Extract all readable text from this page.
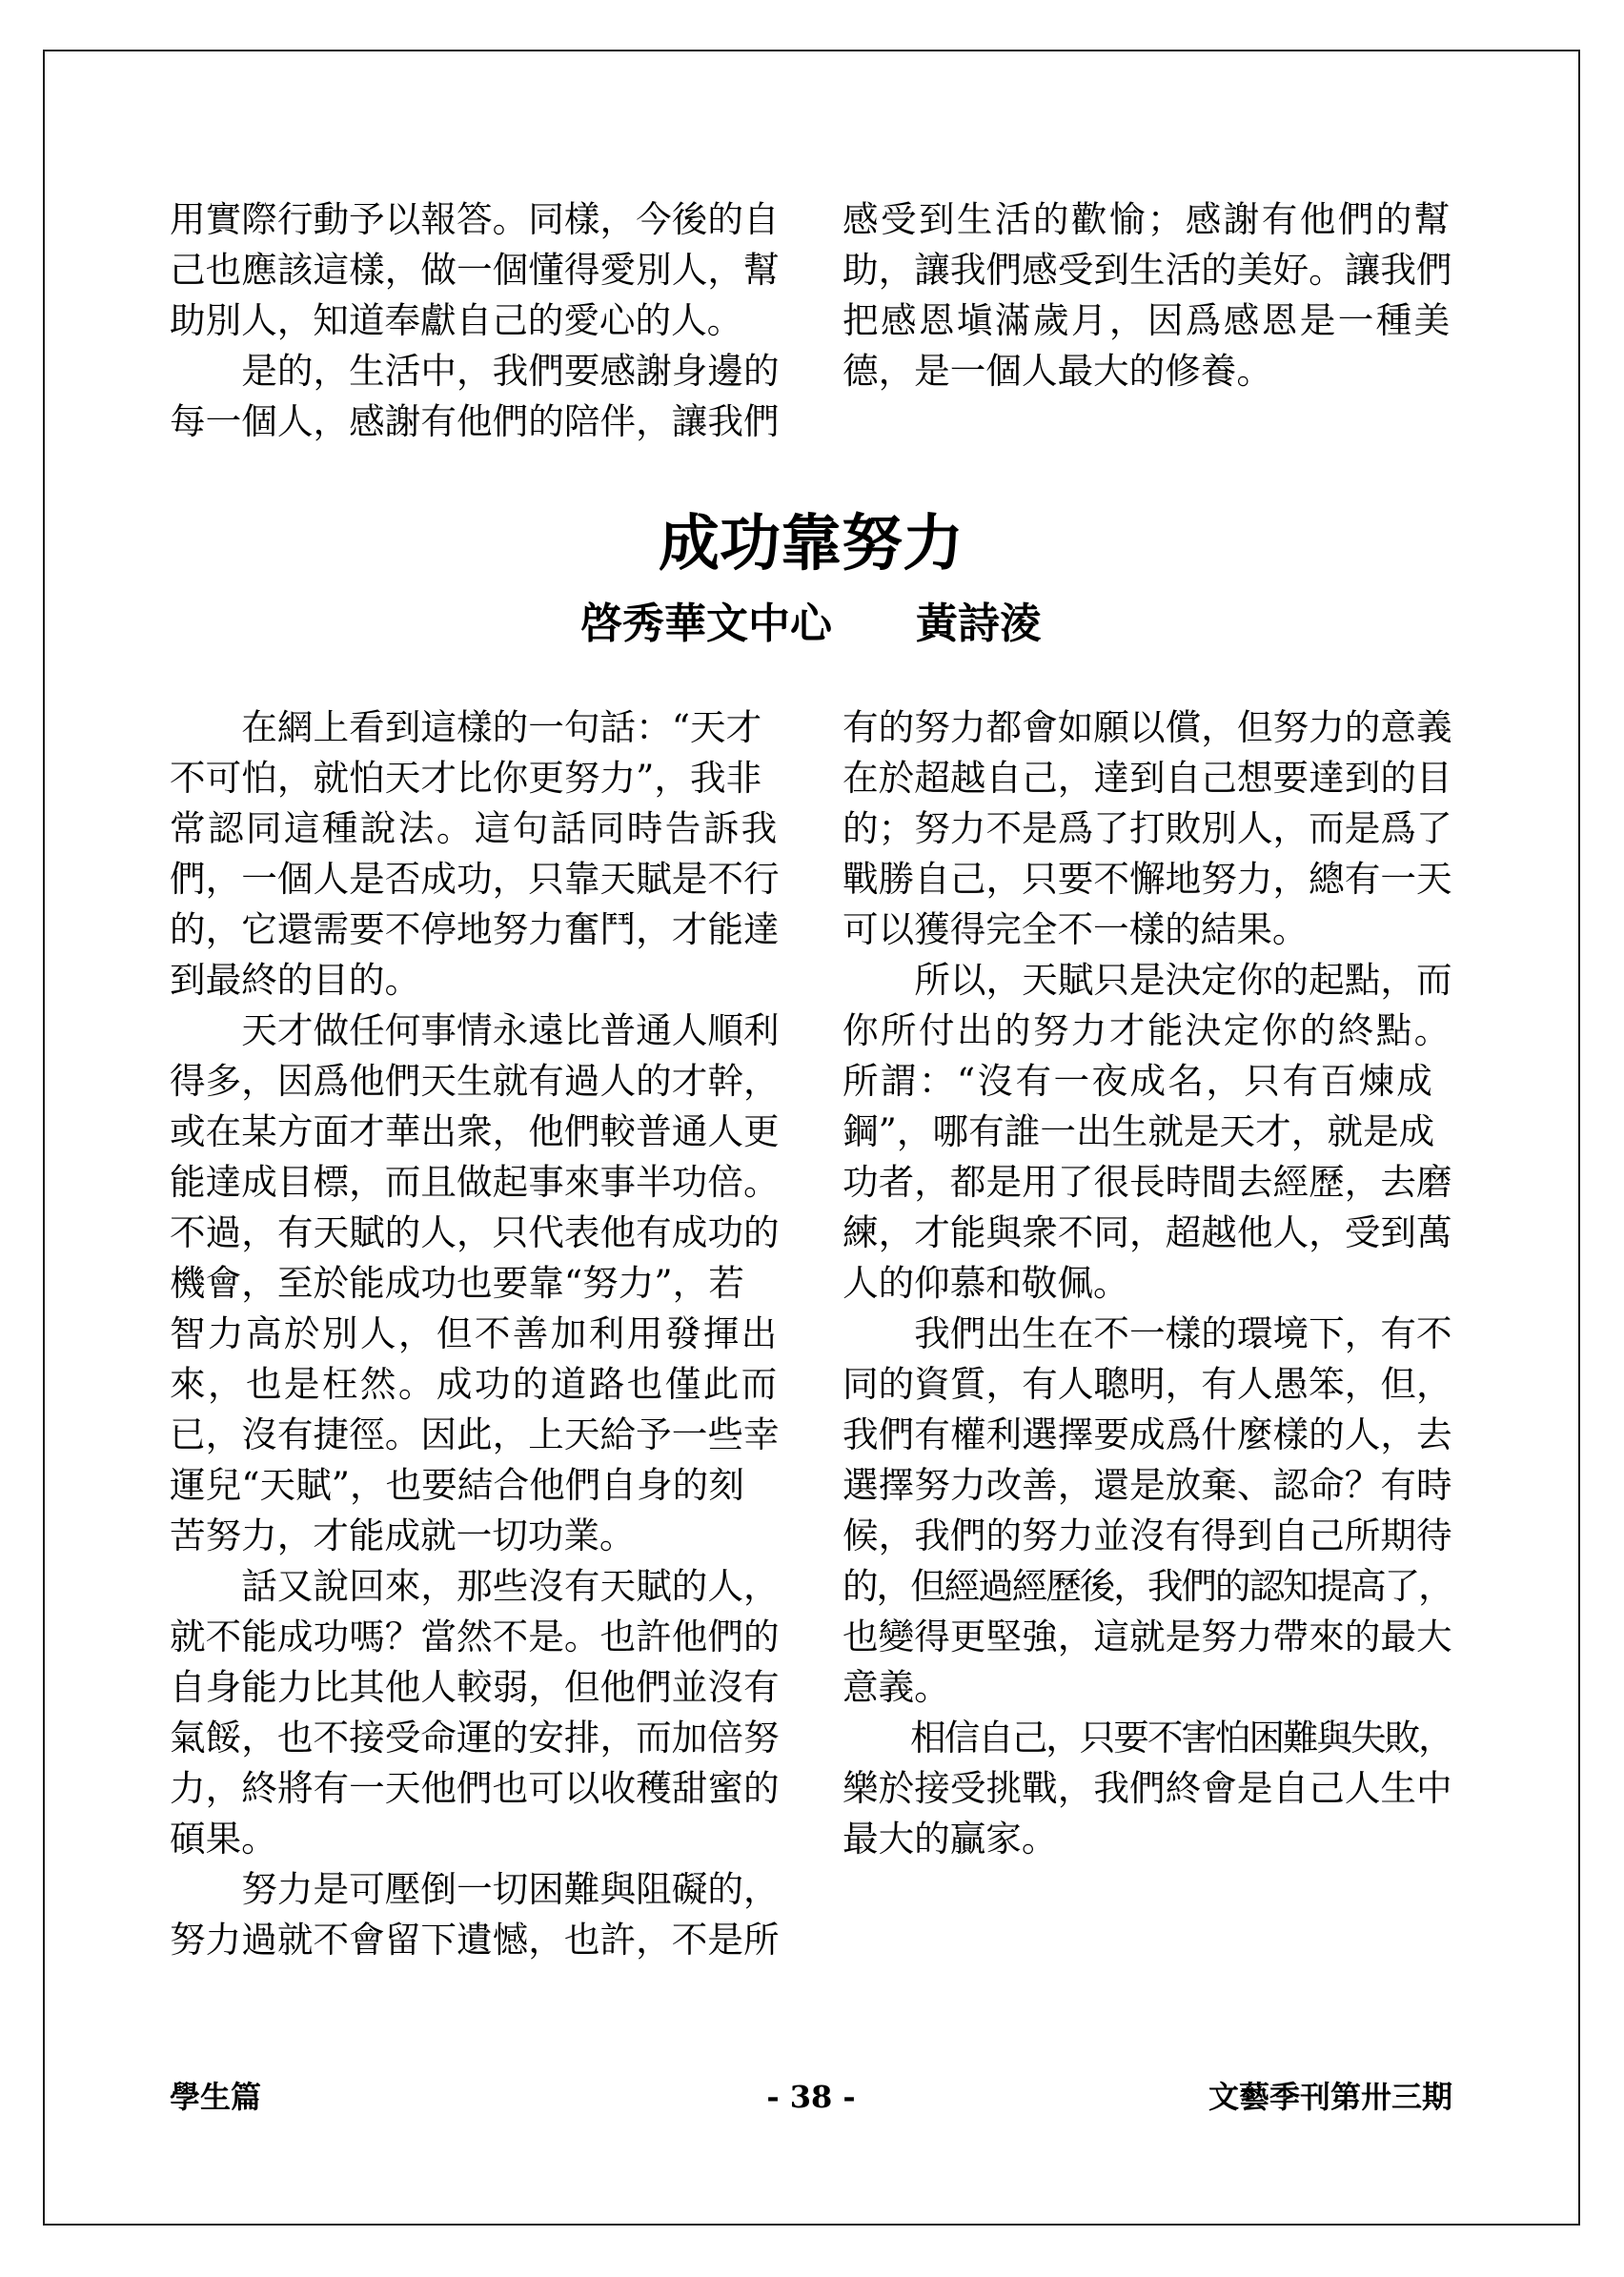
用實際行動予以報答。同樣，今後的自
己也應該這樣，做一個懂得愛別人，幫
助別人，知道奉獻自己的愛心的人。
　　是的，生活中，我們要感謝身邊的
每一個人，感謝有他們的陪伴，讓我們
感受到生活的歡愉；感謝有他們的幫
助，讓我們感受到生活的美好。讓我們
把感恩塡滿歲月，因爲感恩是一種美
德，是一個人最大的修養。
成功靠努力
啓秀華文中心　　黃詩淩
　　在網上看到這樣的一句話：“天才
不可怕，就怕天才比你更努力”，我非
常認同這種說法。這句話同時告訴我
們，一個人是否成功，只靠天賦是不行
的，它還需要不停地努力奮鬥，才能達
到最終的目的。
　　天才做任何事情永遠比普通人順利
得多，因爲他們天生就有過人的才幹，
或在某方面才華出衆，他們較普通人更
能達成目標，而且做起事來事半功倍。
不過，有天賦的人，只代表他有成功的
機會，至於能成功也要靠“努力”，若
智力高於別人，但不善加利用發揮出
來，也是枉然。成功的道路也僅此而
已，沒有捷徑。因此，上天給予一些幸
運兒“天賦”，也要結合他們自身的刻
苦努力，才能成就一切功業。
　　話又說回來，那些沒有天賦的人，
就不能成功嗎？當然不是。也許他們的
自身能力比其他人較弱，但他們並沒有
氣餒，也不接受命運的安排，而加倍努
力，終將有一天他們也可以收穫甜蜜的
碩果。
　　努力是可壓倒一切困難與阻礙的，
努力過就不會留下遺憾，也許，不是所
有的努力都會如願以償，但努力的意義
在於超越自己，達到自己想要達到的目
的；努力不是爲了打敗別人，而是爲了
戰勝自己，只要不懈地努力，總有一天
可以獲得完全不一樣的結果。
　　所以，天賦只是決定你的起點，而
你所付出的努力才能決定你的終點。
所謂：“沒有一夜成名，只有百煉成
鋼”，哪有誰一出生就是天才，就是成
功者，都是用了很長時間去經歷，去磨
練，才能與衆不同，超越他人，受到萬
人的仰慕和敬佩。
　　我們出生在不一樣的環境下，有不
同的資質，有人聰明，有人愚笨，但，
我們有權利選擇要成爲什麼樣的人，去
選擇努力改善，還是放棄、認命？有時
候，我們的努力並沒有得到自己所期待
的，但經過經歷後，我們的認知提高了，
也變得更堅強，這就是努力帶來的最大
意義。
　　相信自己，只要不害怕困難與失敗，
樂於接受挑戰，我們終會是自己人生中
最大的贏家。
學生篇	- 38 -	文藝季刊第卅三期
